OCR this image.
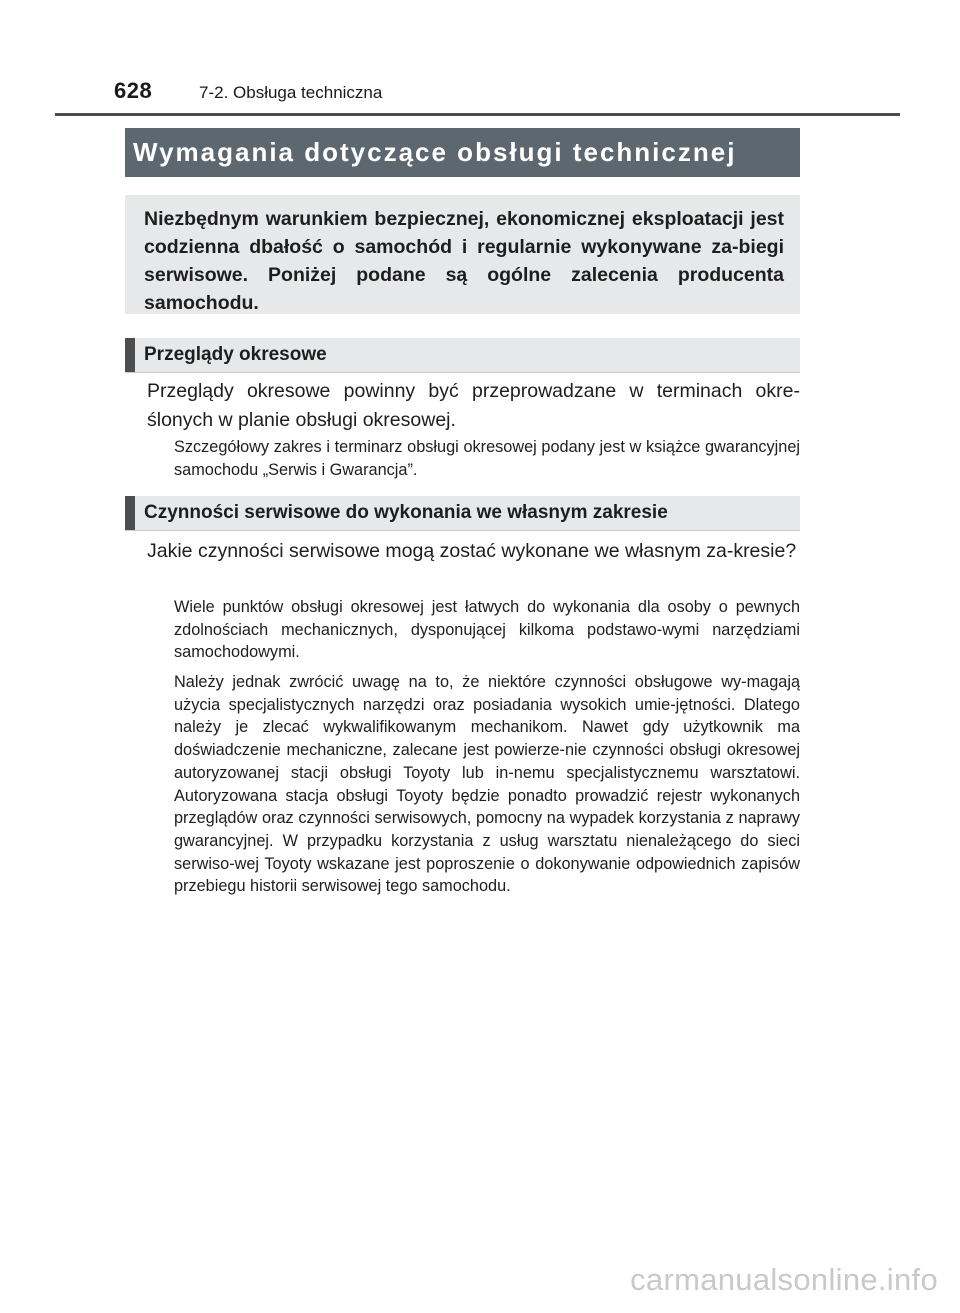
628	7-2. Obsługa techniczna
Wymagania dotyczące obsługi technicznej

Niezbędnym warunkiem bezpiecznej, ekonomicznej eksploatacji jest codzienna dbałość o samochód i regularnie wykonywane za-biegi serwisowe. Poniżej podane są ogólne zalecenia producenta samochodu.

Przeglądy okresowe

Przeglądy okresowe powinny być przeprowadzane w terminach okre-ślonych w planie obsługi okresowej.

Szczegółowy zakres i terminarz obsługi okresowej podany jest w książce gwarancyjnej samochodu „Serwis i Gwarancja”.

Czynności serwisowe do wykonania we własnym zakresie

Jakie czynności serwisowe mogą zostać wykonane we własnym za-kresie?

Wiele punktów obsługi okresowej jest łatwych do wykonania dla osoby o pewnych zdolnościach mechanicznych, dysponującej kilkoma podstawo-wymi narzędziami samochodowymi.

Należy jednak zwrócić uwagę na to, że niektóre czynności obsługowe wy-magają użycia specjalistycznych narzędzi oraz posiadania wysokich umie-jętności. Dlatego należy je zlecać wykwalifikowanym mechanikom. Nawet gdy użytkownik ma doświadczenie mechaniczne, zalecane jest powierze-nie czynności obsługi okresowej autoryzowanej stacji obsługi Toyoty lub in-nemu specjalistycznemu warsztatowi. Autoryzowana stacja obsługi Toyoty będzie ponadto prowadzić rejestr wykonanych przeglądów oraz czynności serwisowych, pomocny na wypadek korzystania z naprawy gwarancyjnej. W przypadku korzystania z usług warsztatu nienależącego do sieci serwiso-wej Toyoty wskazane jest poproszenie o dokonywanie odpowiednich zapisów przebiegu historii serwisowej tego samochodu.

carmanualsonline.info
